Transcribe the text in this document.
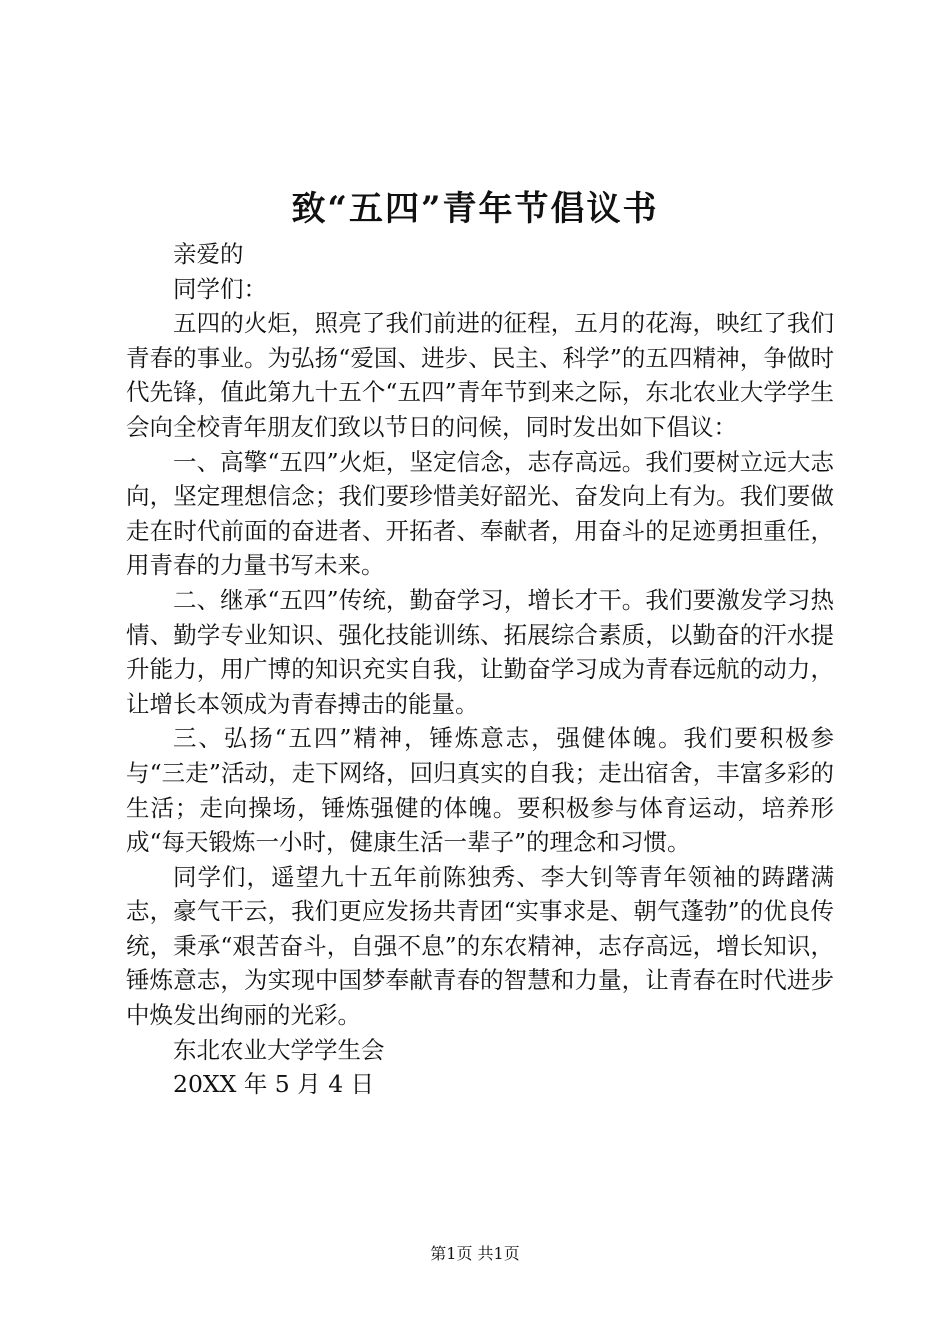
致“五四”青年节倡议书

亲爱的

同学们：

五四的火炬，照亮了我们前进的征程，五月的花海，映红了我们青春的事业。为弘扬“爱国、进步、民主、科学”的五四精神，争做时代先锋，值此第九十五个“五四”青年节到来之际，东北农业大学学生会向全校青年朋友们致以节日的问候，同时发出如下倡议：

一、高擎“五四”火炬，坚定信念，志存高远。我们要树立远大志向，坚定理想信念；我们要珍惜美好韶光、奋发向上有为。我们要做走在时代前面的奋进者、开拓者、奉献者，用奋斗的足迹勇担重任，用青春的力量书写未来。

二、继承“五四”传统，勤奋学习，增长才干。我们要激发学习热情、勤学专业知识、强化技能训练、拓展综合素质，以勤奋的汗水提升能力，用广博的知识充实自我，让勤奋学习成为青春远航的动力，让增长本领成为青春搏击的能量。

三、弘扬“五四”精神，锤炼意志，强健体魄。我们要积极参与“三走”活动，走下网络，回归真实的自我；走出宿舍，丰富多彩的生活；走向操场，锤炼强健的体魄。要积极参与体育运动，培养形成“每天锻炼一小时，健康生活一辈子”的理念和习惯。

同学们，遥望九十五年前陈独秀、李大钊等青年领袖的踌躇满志，豪气干云，我们更应发扬共青团“实事求是、朝气蓬勃”的优良传统，秉承“艰苦奋斗，自强不息”的东农精神，志存高远，增长知识，锤炼意志，为实现中国梦奉献青春的智慧和力量，让青春在时代进步中焕发出绚丽的光彩。

东北农业大学学生会

20XX 年 5 月 4 日

第1页 共1页
